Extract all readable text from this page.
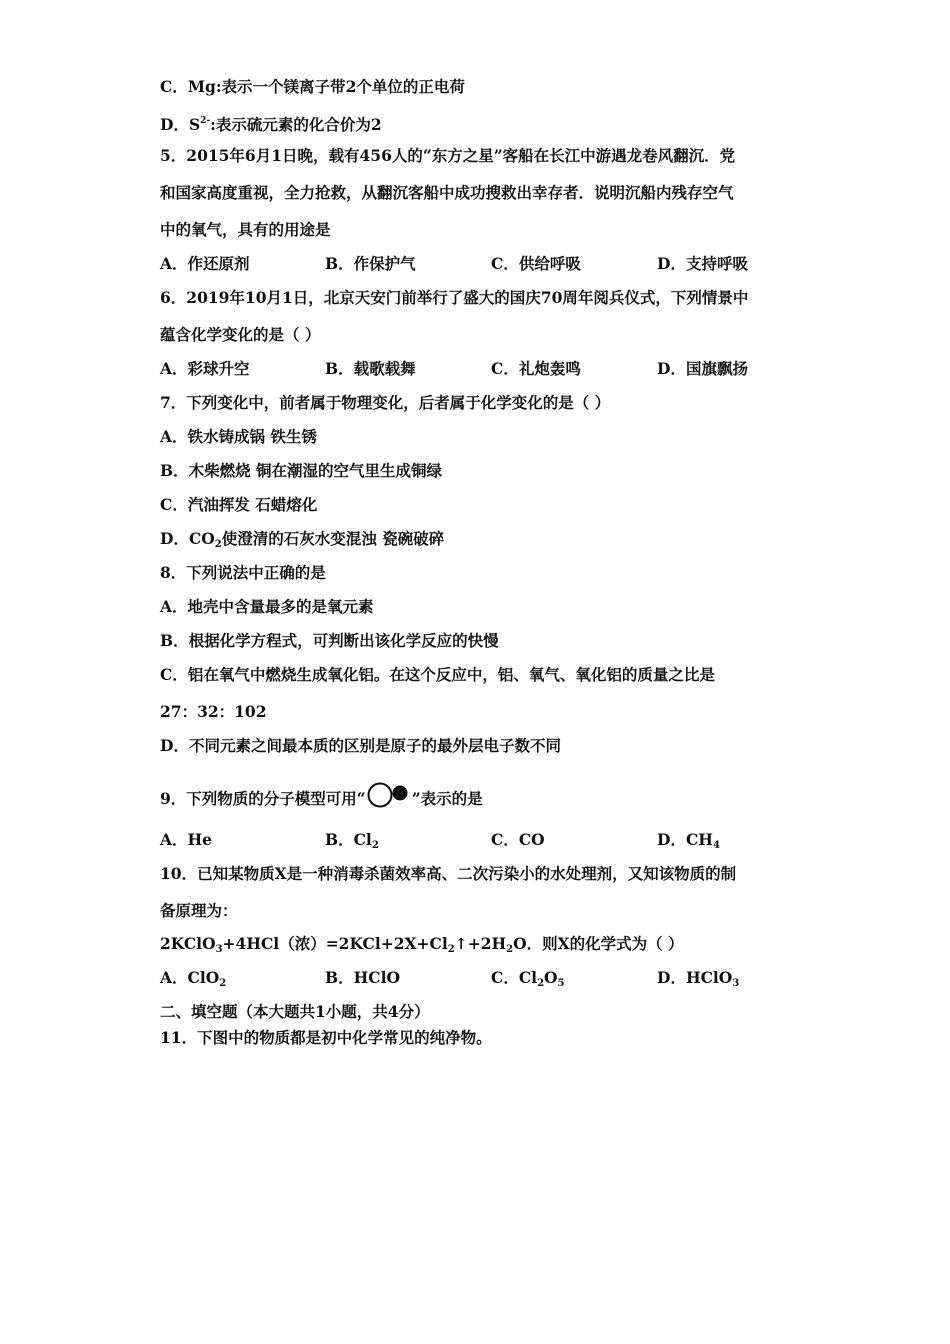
C．Mg:表示一个镁离子带2个单位的正电荷
D．$S^{2-}$:表示硫元素的化合价为2
5．2015年6月1日晚，载有456人的“东方之星”客船在长江中游遇龙卷风翻沉．党
和国家高度重视，全力抢救，从翻沉客船中成功搜救出幸存者．说明沉船内残存空气
中的氧气，具有的用途是
A．作还原剂	B．作保护气	C．供给呼吸	D．支持呼吸
6．2019年10月1日，北京天安门前举行了盛大的国庆70周年阅兵仪式，下列情景中
蕴含化学变化的是（ ）
A．彩球升空	B．载歌载舞	C．礼炮轰鸣	D．国旗飘扬
7．下列变化中，前者属于物理变化，后者属于化学变化的是（ ）
A．铁水铸成锅 铁生锈
B．木柴燃烧 铜在潮湿的空气里生成铜绿
C．汽油挥发 石蜡熔化
D．$CO_2$使澄清的石灰水变混浊 瓷碗破碎
8．下列说法中正确的是
A．地壳中含量最多的是氧元素
B．根据化学方程式，可判断出该化学反应的快慢
C．铝在氧气中燃烧生成氧化铝。在这个反应中，铝、氧气、氧化铝的质量之比是
27：32：102
D．不同元素之间最本质的区别是原子的最外层电子数不同
9．下列物质的分子模型可用“	”表示的是
A．He	B．$Cl_2$	C．CO	D．$CH_4$
10．已知某物质X是一种消毒杀菌效率高、二次污染小的水处理剂，又知该物质的制
备原理为：
2KClO$_3$+4HCl（浓）$=2KCl+2X+Cl_2↑+2H_2O$．则X的化学式为（ ）
A．ClO$_2$	B．HClO	C．$Cl_2O_5$	D．HClO$_3$
二、填空题（本大题共1小题，共4分）
11．下图中的物质都是初中化学常见的纯净物。
